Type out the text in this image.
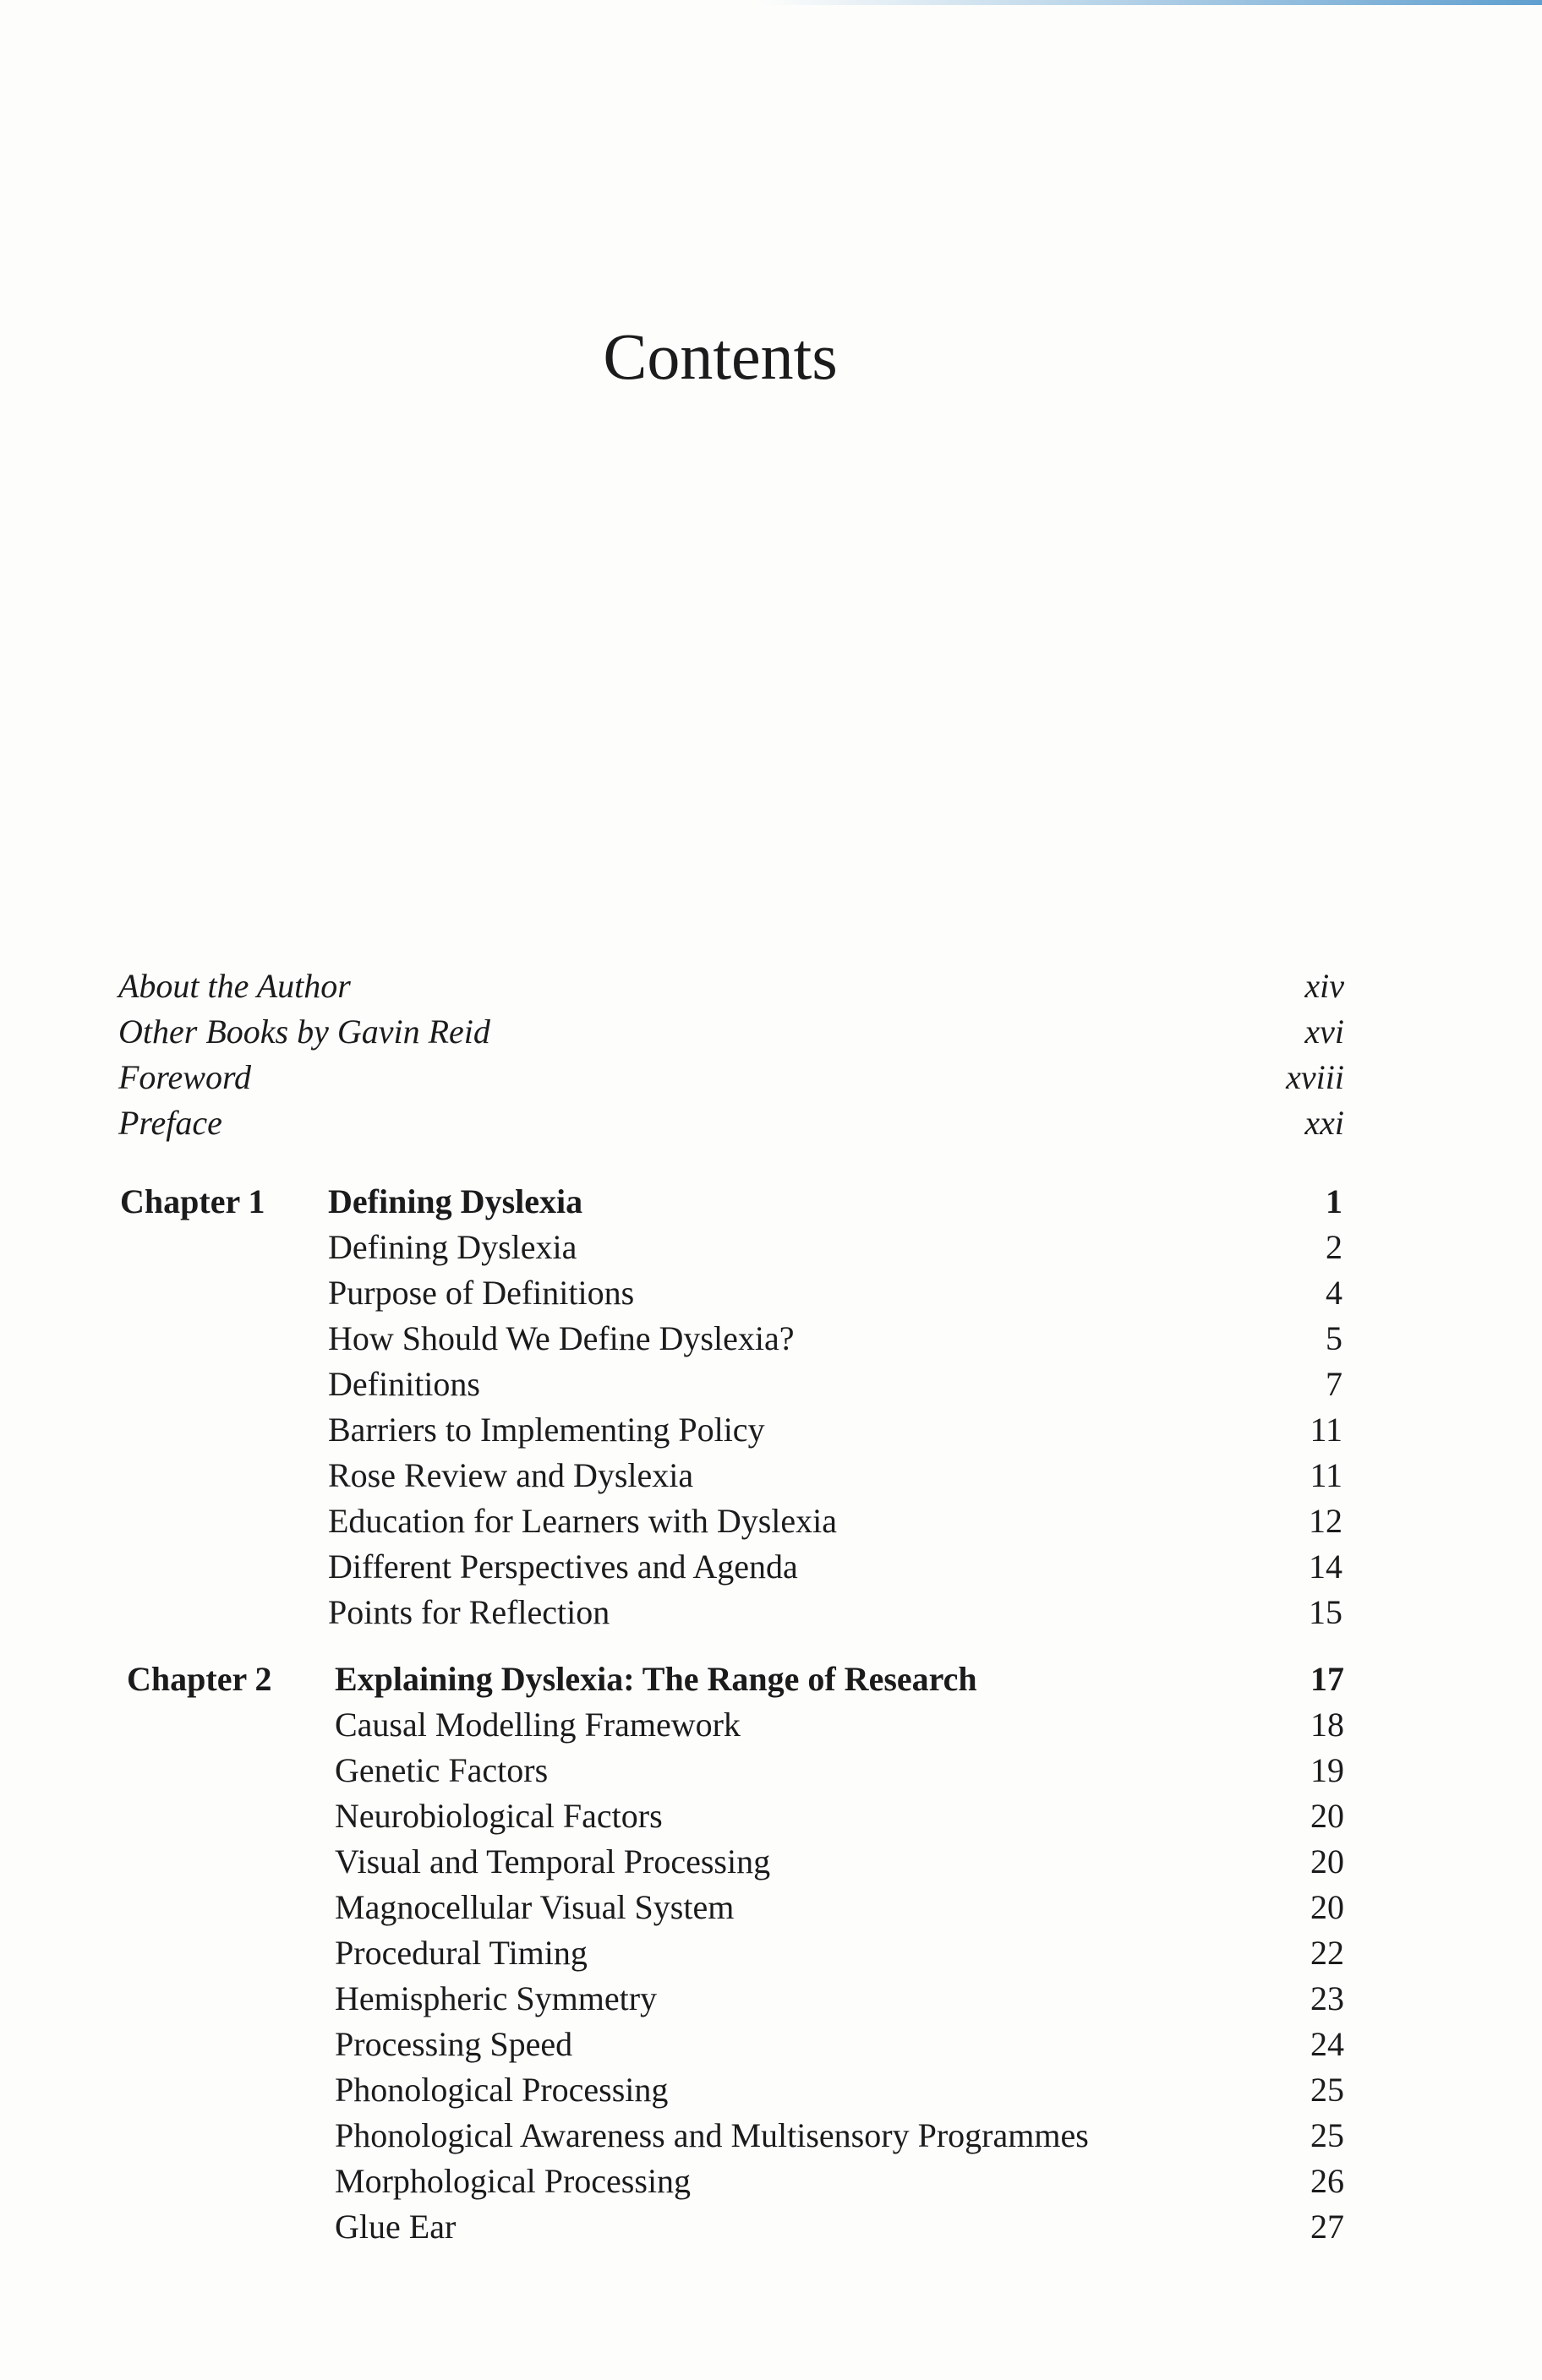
Contents
About the Author	xiv
Other Books by Gavin Reid	xvi
Foreword	xviii
Preface	xxi
Chapter 1 Defining Dyslexia	1
Defining Dyslexia	2
Purpose of Definitions	4
How Should We Define Dyslexia?	5
Definitions	7
Barriers to Implementing Policy	11
Rose Review and Dyslexia	11
Education for Learners with Dyslexia	12
Different Perspectives and Agenda	14
Points for Reflection	15
Chapter 2 Explaining Dyslexia: The Range of Research	17
Causal Modelling Framework	18
Genetic Factors	19
Neurobiological Factors	20
Visual and Temporal Processing	20
Magnocellular Visual System	20
Procedural Timing	22
Hemispheric Symmetry	23
Processing Speed	24
Phonological Processing	25
Phonological Awareness and Multisensory Programmes	25
Morphological Processing	26
Glue Ear	27
